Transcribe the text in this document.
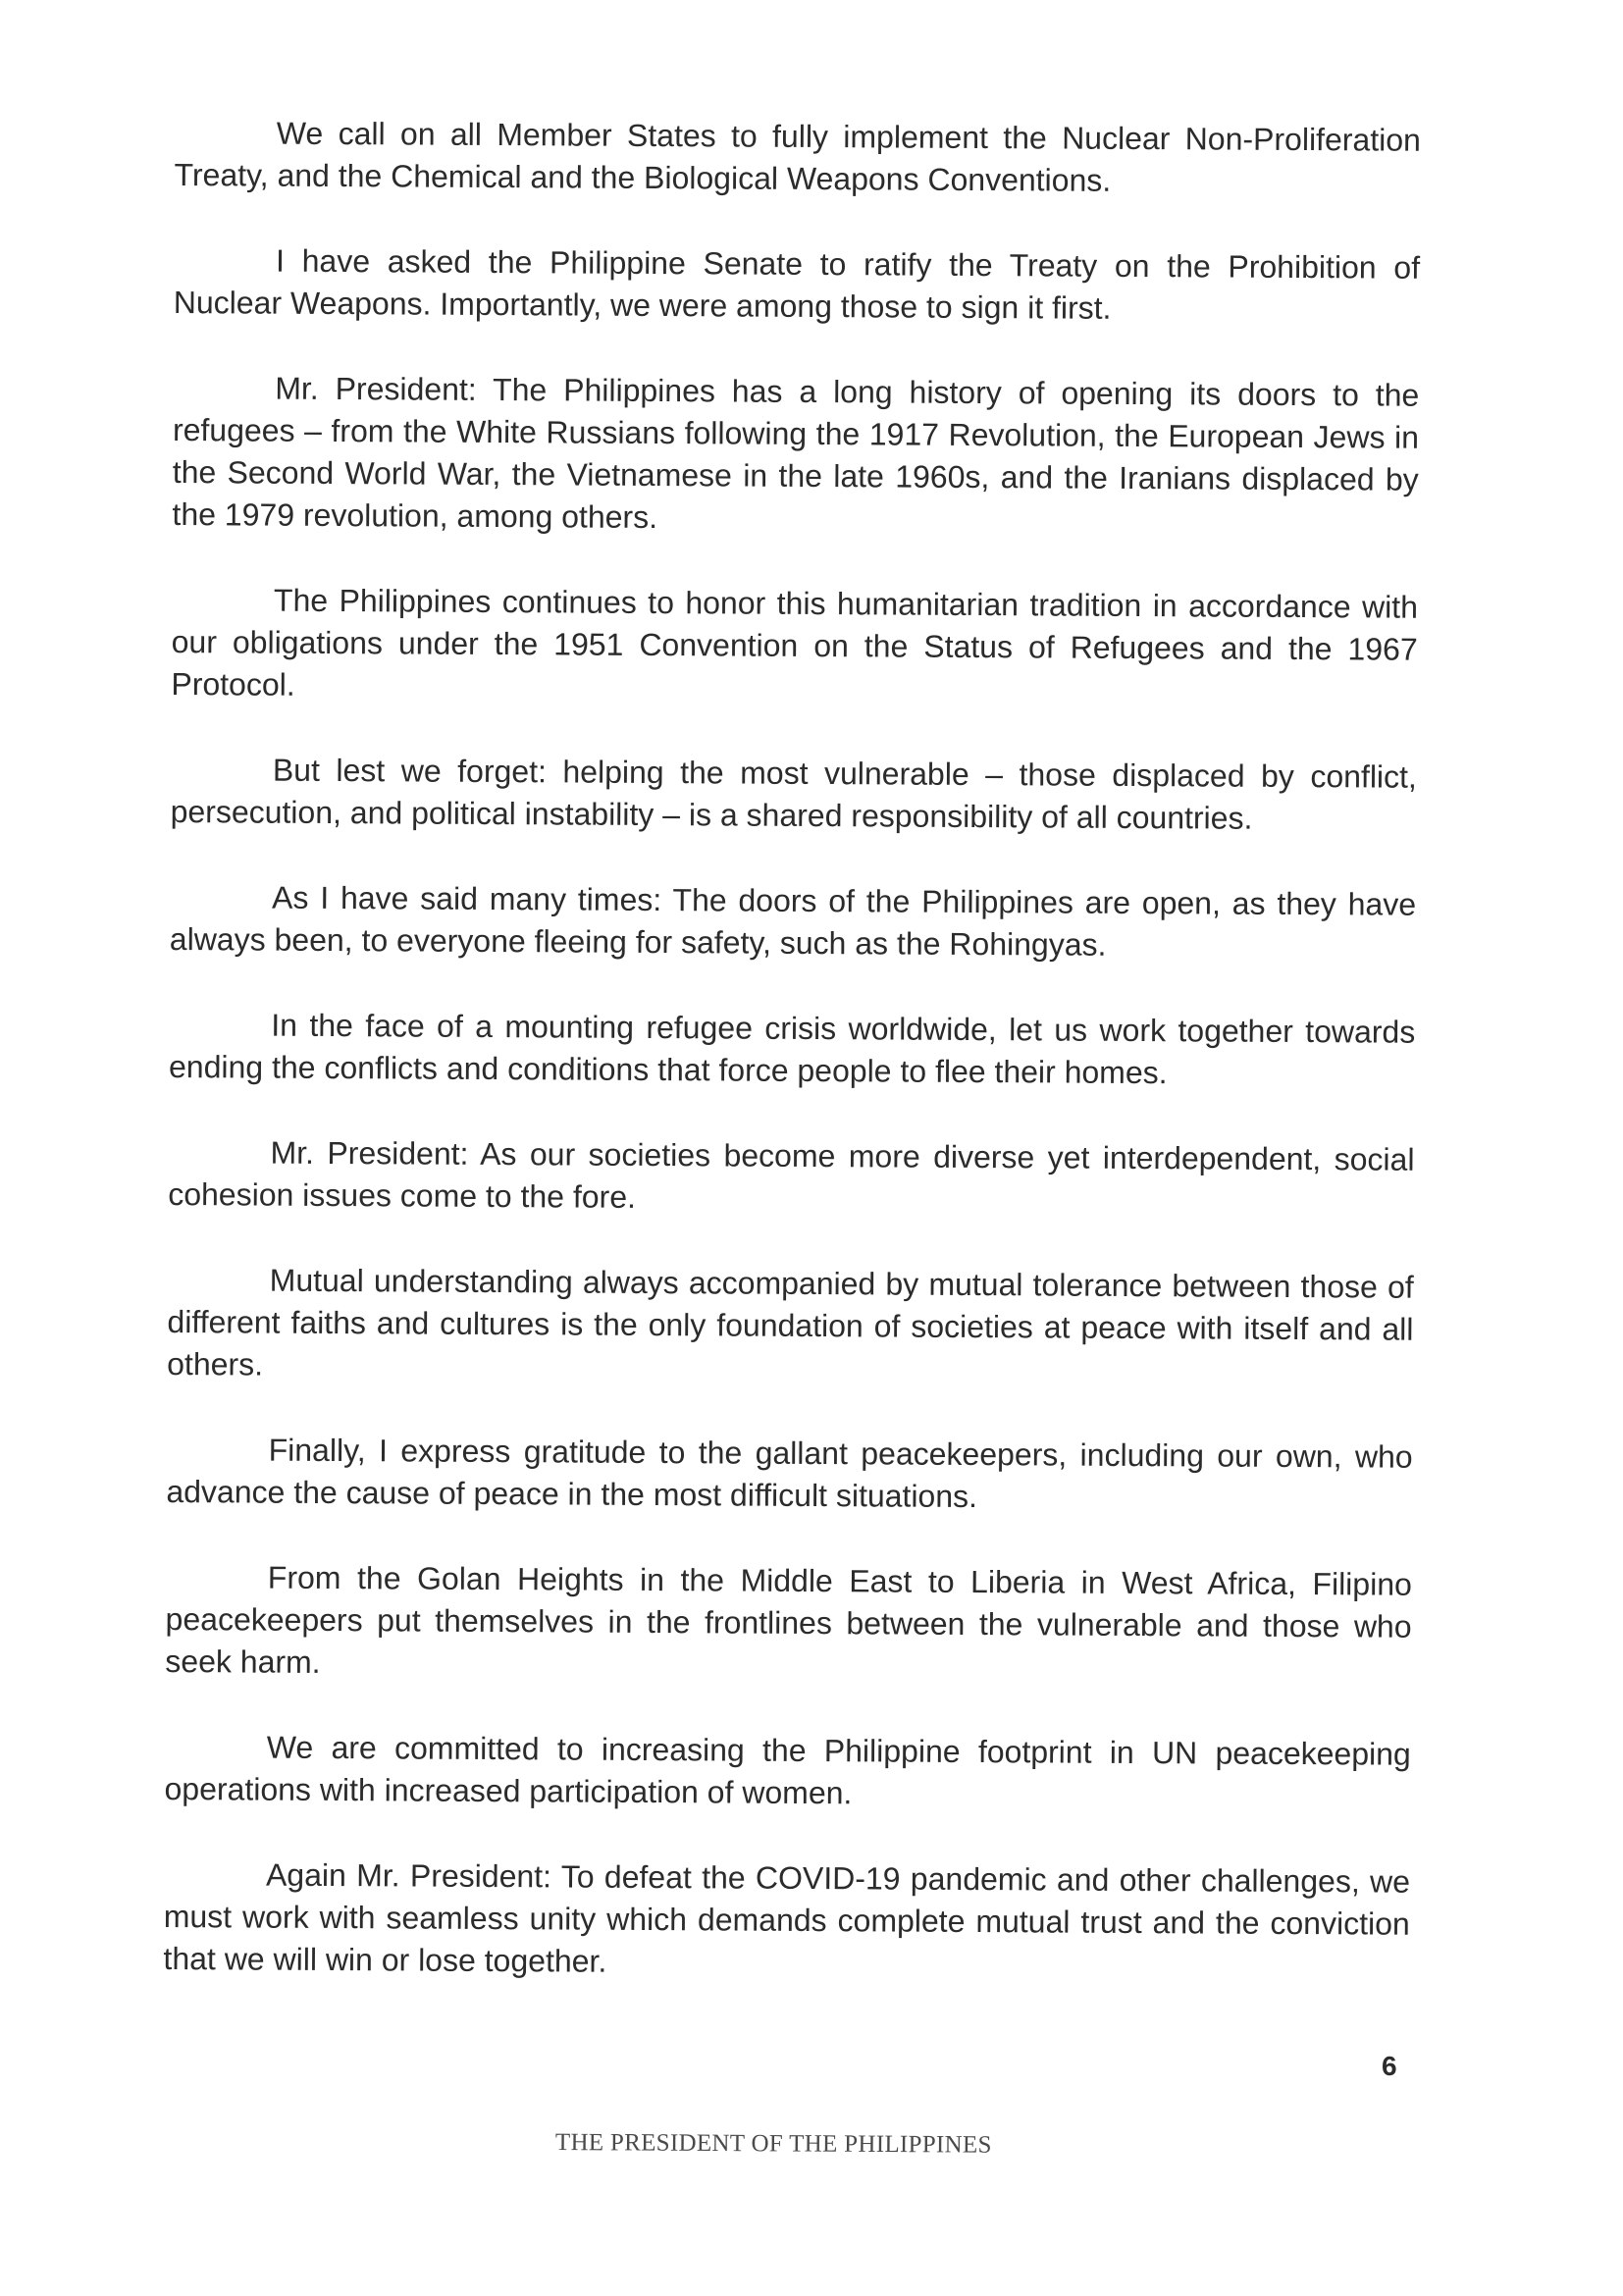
We call on all Member States to fully implement the Nuclear Non-Proliferation Treaty, and the Chemical and the Biological Weapons Conventions.

I have asked the Philippine Senate to ratify the Treaty on the Prohibition of Nuclear Weapons. Importantly, we were among those to sign it first.

Mr. President: The Philippines has a long history of opening its doors to the refugees – from the White Russians following the 1917 Revolution, the European Jews in the Second World War, the Vietnamese in the late 1960s, and the Iranians displaced by the 1979 revolution, among others.

The Philippines continues to honor this humanitarian tradition in accordance with our obligations under the 1951 Convention on the Status of Refugees and the 1967 Protocol.

But lest we forget: helping the most vulnerable – those displaced by conflict, persecution, and political instability – is a shared responsibility of all countries.

As I have said many times: The doors of the Philippines are open, as they have always been, to everyone fleeing for safety, such as the Rohingyas.

In the face of a mounting refugee crisis worldwide, let us work together towards ending the conflicts and conditions that force people to flee their homes.

Mr. President: As our societies become more diverse yet interdependent, social cohesion issues come to the fore.

Mutual understanding always accompanied by mutual tolerance between those of different faiths and cultures is the only foundation of societies at peace with itself and all others.

Finally, I express gratitude to the gallant peacekeepers, including our own, who advance the cause of peace in the most difficult situations.

From the Golan Heights in the Middle East to Liberia in West Africa, Filipino peacekeepers put themselves in the frontlines between the vulnerable and those who seek harm.

We are committed to increasing the Philippine footprint in UN peacekeeping operations with increased participation of women.

Again Mr. President: To defeat the COVID-19 pandemic and other challenges, we must work with seamless unity which demands complete mutual trust and the conviction that we will win or lose together.

6
THE PRESIDENT OF THE PHILIPPINES
